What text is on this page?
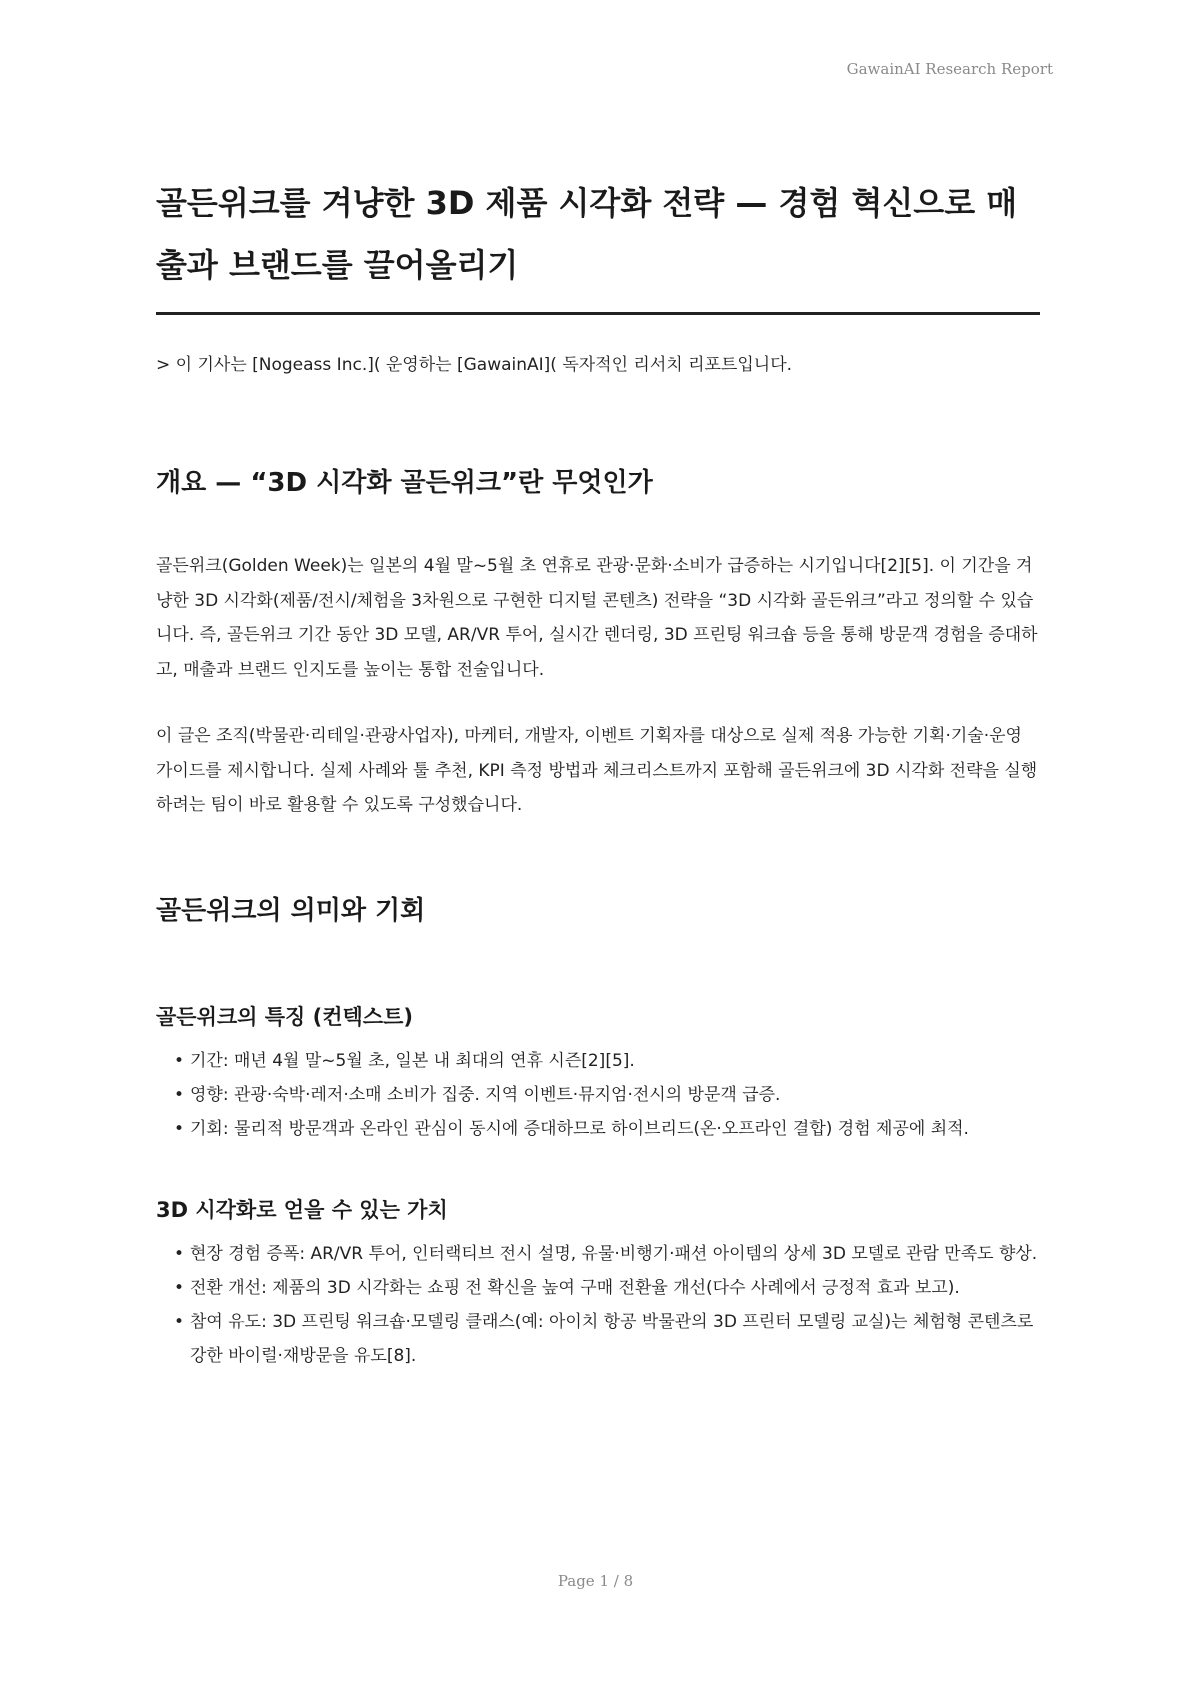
GawainAI Research Report
골든위크를 겨냥한 3D 제품 시각화 전략 — 경험 혁신으로 매출과 브랜드를 끌어올리기

> 이 기사는 [Nogeass Inc.]( 운영하는 [GawainAI]( 독자적인 리서치 리포트입니다.

개요 — “3D 시각화 골든위크”란 무엇인가

골든위크(Golden Week)는 일본의 4월 말~5월 초 연휴로 관광·문화·소비가 급증하는 시기입니다[2][5]. 이 기간을 겨냥한 3D 시각화(제품/전시/체험을 3차원으로 구현한 디지털 콘텐츠) 전략을 “3D 시각화 골든위크”라고 정의할 수 있습니다. 즉, 골든위크 기간 동안 3D 모델, AR/VR 투어, 실시간 렌더링, 3D 프린팅 워크숍 등을 통해 방문객 경험을 증대하고, 매출과 브랜드 인지도를 높이는 통합 전술입니다.

이 글은 조직(박물관·리테일·관광사업자), 마케터, 개발자, 이벤트 기획자를 대상으로 실제 적용 가능한 기획·기술·운영 가이드를 제시합니다. 실제 사례와 툴 추천, KPI 측정 방법과 체크리스트까지 포함해 골든위크에 3D 시각화 전략을 실행하려는 팀이 바로 활용할 수 있도록 구성했습니다.

골든위크의 의미와 기회
골든위크의 특징 (컨텍스트)
• 기간: 매년 4월 말~5월 초, 일본 내 최대의 연휴 시즌[2][5].
• 영향: 관광·숙박·레저·소매 소비가 집중. 지역 이벤트·뮤지엄·전시의 방문객 급증.
• 기회: 물리적 방문객과 온라인 관심이 동시에 증대하므로 하이브리드(온·오프라인 결합) 경험 제공에 최적.
3D 시각화로 얻을 수 있는 가치
• 현장 경험 증폭: AR/VR 투어, 인터랙티브 전시 설명, 유물·비행기·패션 아이템의 상세 3D 모델로 관람 만족도 향상.
• 전환 개선: 제품의 3D 시각화는 쇼핑 전 확신을 높여 구매 전환율 개선(다수 사례에서 긍정적 효과 보고).
• 참여 유도: 3D 프린팅 워크숍·모델링 클래스(예: 아이치 항공 박물관의 3D 프린터 모델링 교실)는 체험형 콘텐츠로 강한 바이럴·재방문을 유도[8].
Page 1 / 8
